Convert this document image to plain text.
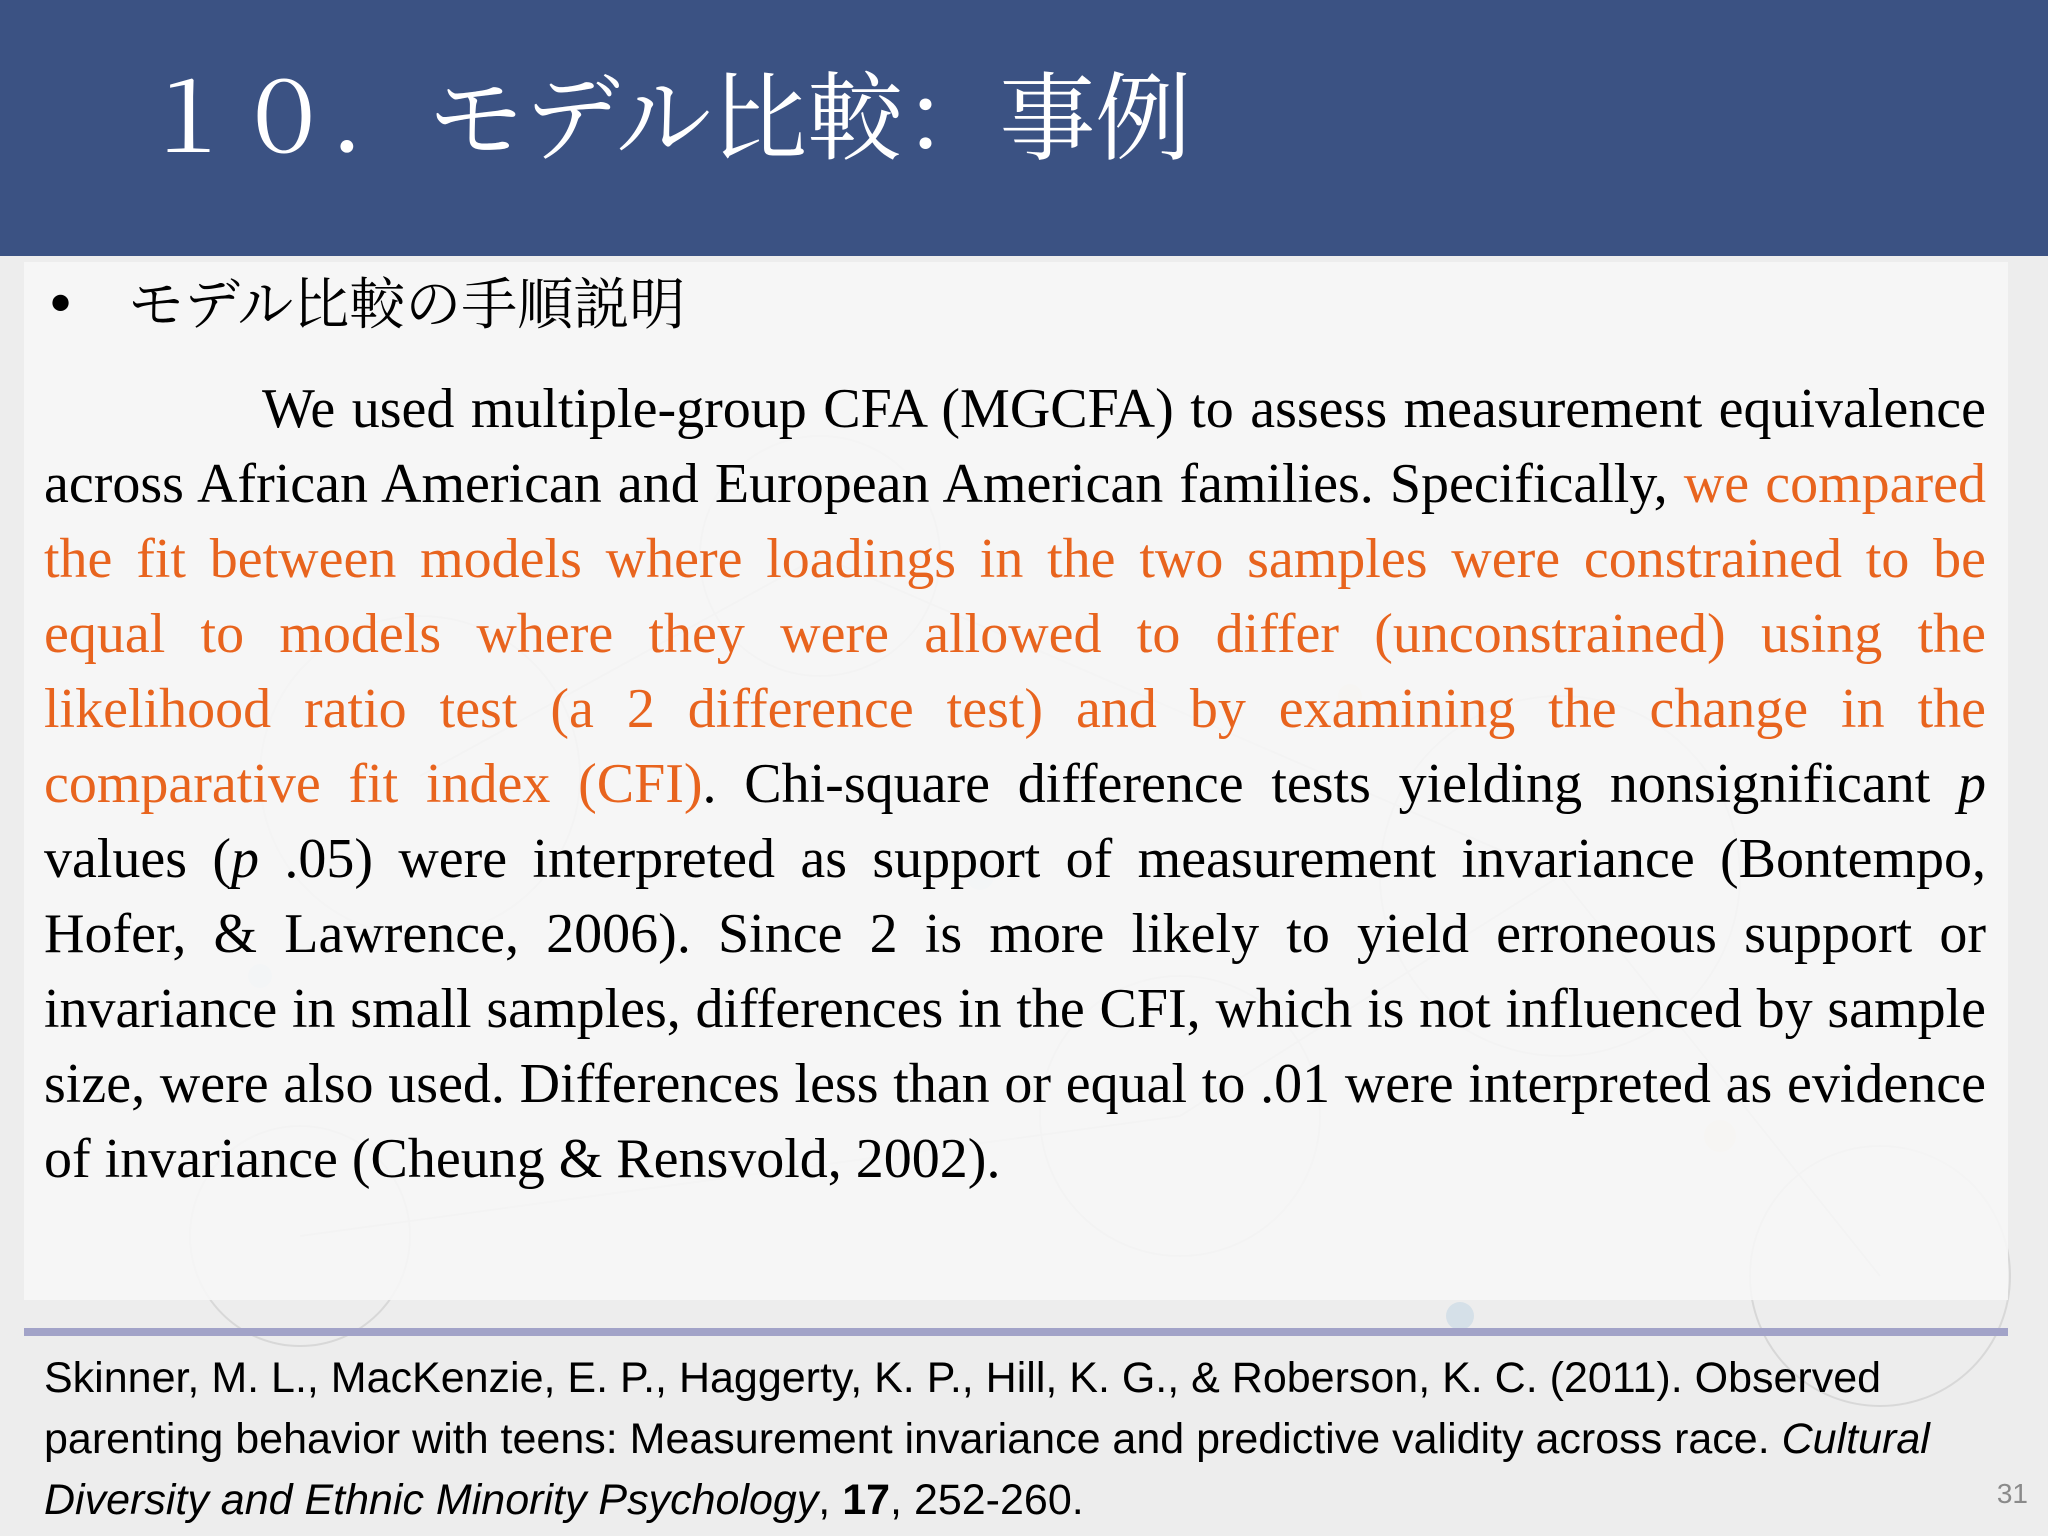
１０．モデル比較：事例
• モデル比較の手順説明

We used multiple-group CFA (MGCFA) to assess measurement equivalence across African American and European American families. Specifically, we compared the fit between models where loadings in the two samples were constrained to be equal to models where they were allowed to differ (unconstrained) using the likelihood ratio test (a 2 difference test) and by examining the change in the comparative fit index (CFI). Chi-square difference tests yielding nonsignificant p values (p .05) were interpreted as support of measurement invariance (Bontempo, Hofer, & Lawrence, 2006). Since 2 is more likely to yield erroneous support or invariance in small samples, differences in the CFI, which is not influenced by sample size, were also used. Differences less than or equal to .01 were interpreted as evidence of invariance (Cheung & Rensvold, 2002).

Skinner, M. L., MacKenzie, E. P., Haggerty, K. P., Hill, K. G., & Roberson, K. C. (2011). Observed parenting behavior with teens: Measurement invariance and predictive validity across race. Cultural Diversity and Ethnic Minority Psychology, 17, 252-260.	31
